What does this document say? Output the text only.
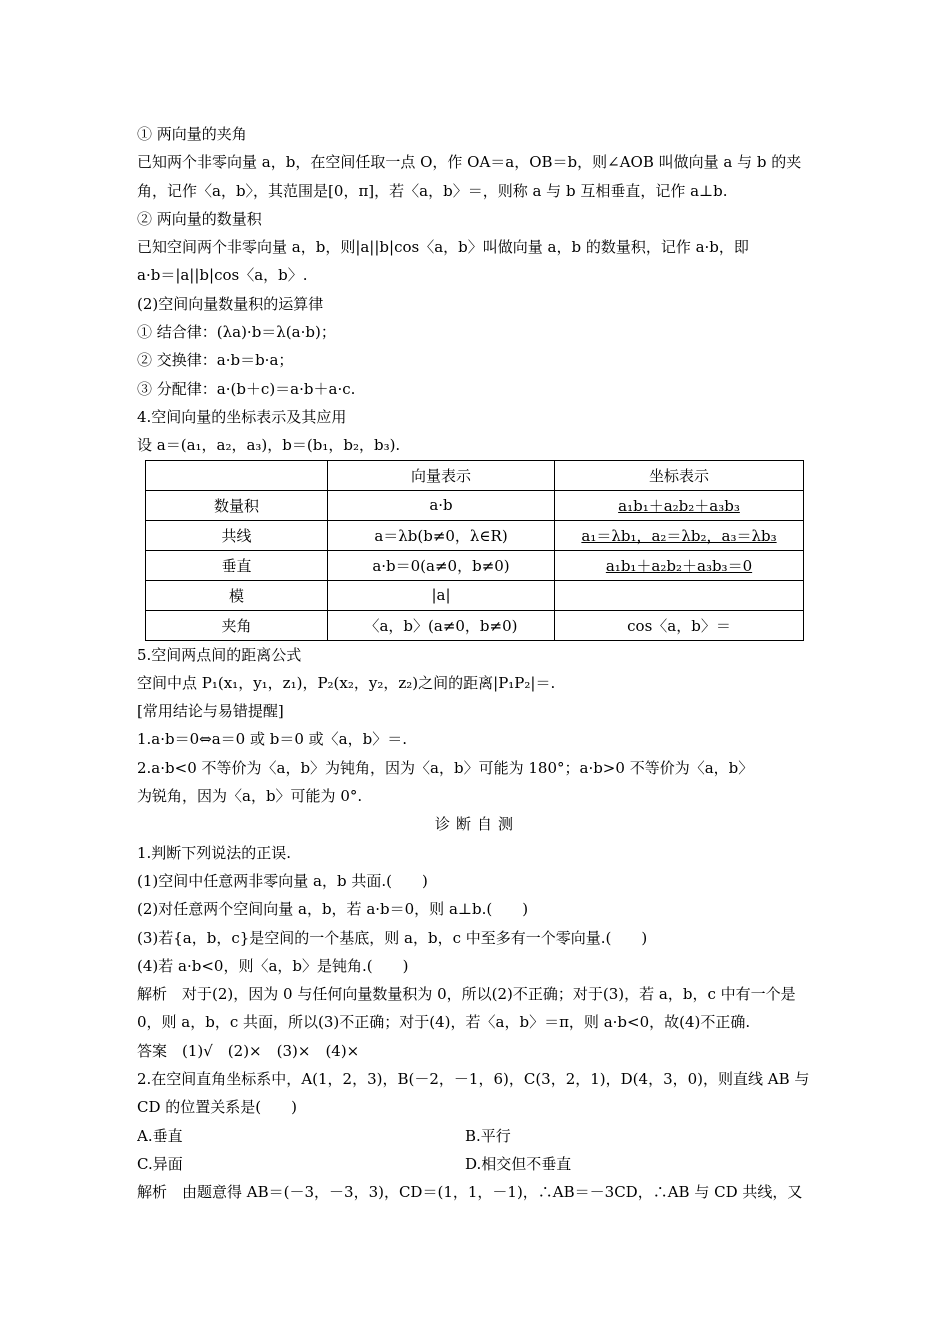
① 两向量的夹角
已知两个非零向量 a，b，在空间任取一点 O，作 OA＝a，OB＝b，则∠AOB 叫做向量 a 与 b 的夹
角，记作〈a，b〉，其范围是[0，π]，若〈a，b〉＝，则称 a 与 b 互相垂直，记作 a⊥b.
② 两向量的数量积
已知空间两个非零向量 a，b，则|a||b|cos〈a，b〉叫做向量 a，b 的数量积，记作 a·b，即
a·b＝|a||b|cos〈a，b〉.
(2)空间向量数量积的运算律
① 结合律：(λa)·b＝λ(a·b)；
② 交换律：a·b＝b·a；
③ 分配律：a·(b＋c)＝a·b＋a·c.
4.空间向量的坐标表示及其应用
设 a＝(a₁，a₂，a₃)，b＝(b₁，b₂，b₃).
	向量表示	坐标表示
数量积	a·b	a₁b₁＋a₂b₂＋a₃b₃
共线	a＝λb(b≠0，λ∈R)	a₁＝λb₁，a₂＝λb₂，a₃＝λb₃
垂直	a·b＝0(a≠0，b≠0)	a₁b₁＋a₂b₂＋a₃b₃＝0
模	|a|	
夹角	〈a，b〉(a≠0，b≠0)	cos〈a，b〉＝
5.空间两点间的距离公式
空间中点 P₁(x₁，y₁，z₁)，P₂(x₂，y₂，z₂)之间的距离|P₁P₂|＝.
[常用结论与易错提醒]
1.a·b＝0⇔a＝0 或 b＝0 或〈a，b〉＝.
2.a·b<0 不等价为〈a，b〉为钝角，因为〈a，b〉可能为 180°；a·b>0 不等价为〈a，b〉
为锐角，因为〈a，b〉可能为 0°.
诊断自测
1.判断下列说法的正误.
(1)空间中任意两非零向量 a，b 共面.(　　)
(2)对任意两个空间向量 a，b，若 a·b＝0，则 a⊥b.(　　)
(3)若{a，b，c}是空间的一个基底，则 a，b，c 中至多有一个零向量.(　　)
(4)若 a·b<0，则〈a，b〉是钝角.(　　)
解析　对于(2)，因为 0 与任何向量数量积为 0，所以(2)不正确；对于(3)，若 a，b，c 中有一个是 0，则 a，b，c 共面，所以(3)不正确；对于(4)，若〈a，b〉＝π，则 a·b<0，故(4)不正确.
答案　(1)√　(2)×　(3)×　(4)×
2.在空间直角坐标系中，A(1，2，3)，B(－2，－1，6)，C(3，2，1)，D(4，3，0)，则直线 AB 与 CD 的位置关系是(　　)
A.垂直	B.平行
C.异面	D.相交但不垂直
解析　由题意得 AB＝(－3，－3，3)，CD＝(1，1，－1)，∴AB＝－3CD，∴AB 与 CD 共线，又
